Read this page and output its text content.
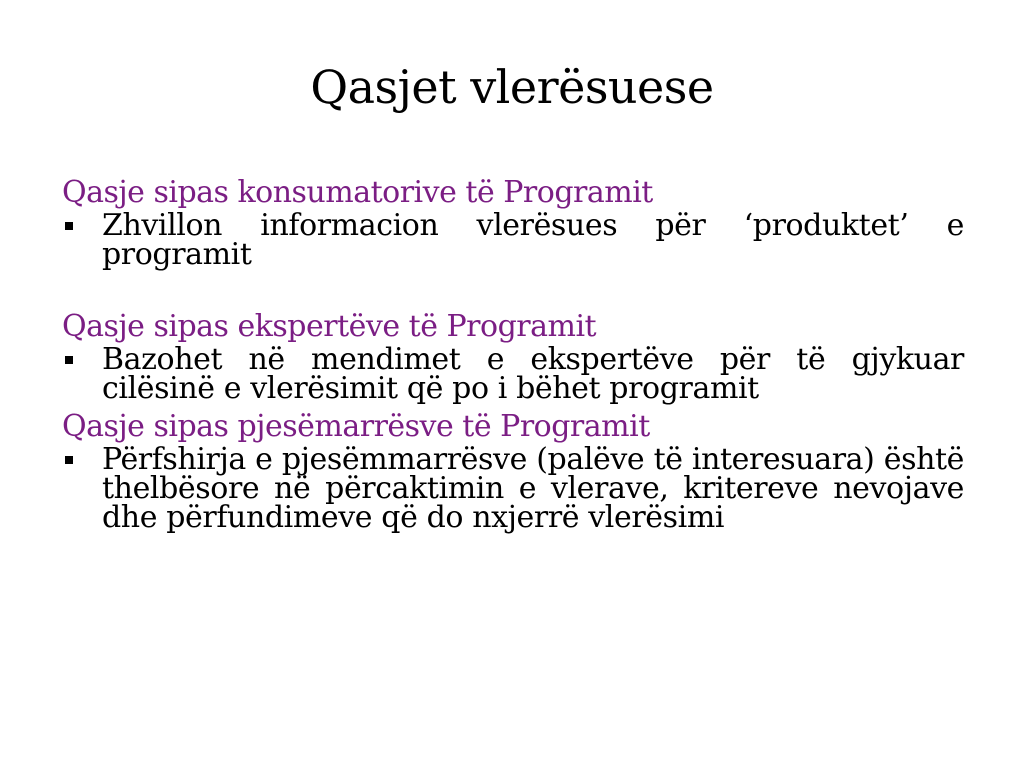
Qasjet vlerësuese

Qasje sipas konsumatorive të Programit

Zhvillon informacion vlerësues për ‘produktet’ e programit

Qasje sipas ekspertëve të Programit

Bazohet në mendimet e ekspertëve për të gjykuar cilësinë e vlerësimit që po i bëhet programit

Qasje sipas pjesëmarrësve të Programit

Përfshirja e pjesëmmarrësve (palëve të interesuara) është thelbësore në përcaktimin e vlerave, kritereve nevojave dhe përfundimeve që do nxjerrë vlerësimi
